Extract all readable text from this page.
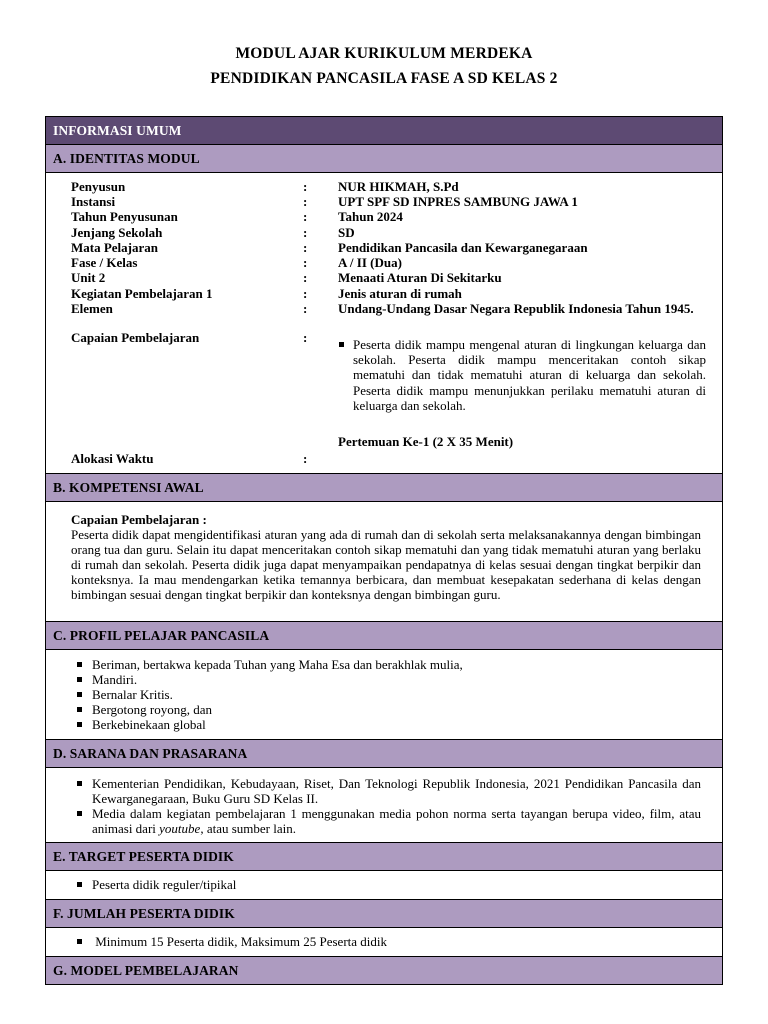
MODUL AJAR KURIKULUM MERDEKA
PENDIDIKAN PANCASILA FASE A SD KELAS 2
INFORMASI UMUM
A. IDENTITAS MODUL
Penyusun	: NUR HIKMAH, S.Pd
Instansi	: UPT SPF SD INPRES SAMBUNG JAWA 1
Tahun Penyusunan	: Tahun 2024
Jenjang Sekolah	: SD
Mata Pelajaran	: Pendidikan Pancasila dan Kewarganegaraan
Fase / Kelas	: A / II (Dua)
Unit 2	: Menaati Aturan Di Sekitarku
Kegiatan Pembelajaran 1	: Jenis aturan di rumah
Elemen	: Undang-Undang Dasar Negara Republik Indonesia Tahun 1945.
Capaian Pembelajaran	:	Peserta didik mampu mengenal aturan di lingkungan keluarga dan sekolah. Peserta didik mampu menceritakan contoh sikap mematuhi dan tidak mematuhi aturan di keluarga dan sekolah. Peserta didik mampu menunjukkan perilaku mematuhi aturan di keluarga dan sekolah.
Pertemuan Ke-1 (2 X 35 Menit)
Alokasi Waktu	:
B. KOMPETENSI AWAL
Capaian Pembelajaran :
Peserta didik dapat mengidentifikasi aturan yang ada di rumah dan di sekolah serta melaksanakannya dengan bimbingan orang tua dan guru. Selain itu dapat menceritakan contoh sikap mematuhi dan yang tidak mematuhi aturan yang berlaku di rumah dan sekolah. Peserta didik juga dapat menyampaikan pendapatnya di kelas sesuai dengan tingkat berpikir dan konteksnya. Ia mau mendengarkan ketika temannya berbicara, dan membuat kesepakatan sederhana di kelas dengan bimbingan sesuai dengan tingkat berpikir dan konteksnya dengan bimbingan guru.
C. PROFIL PELAJAR PANCASILA
Beriman, bertakwa kepada Tuhan yang Maha Esa dan berakhlak mulia,
Mandiri.
Bernalar Kritis.
Bergotong royong, dan
Berkebinekaan global
D. SARANA DAN PRASARANA
Kementerian Pendidikan, Kebudayaan, Riset, Dan Teknologi Republik Indonesia, 2021 Pendidikan Pancasila dan Kewarganegaraan, Buku Guru SD Kelas II.
Media dalam kegiatan pembelajaran 1 menggunakan media pohon norma serta tayangan berupa video, film, atau animasi dari youtube, atau sumber lain.
E. TARGET PESERTA DIDIK
Peserta didik reguler/tipikal
F. JUMLAH PESERTA DIDIK
Minimum 15 Peserta didik, Maksimum 25 Peserta didik
G. MODEL PEMBELAJARAN
